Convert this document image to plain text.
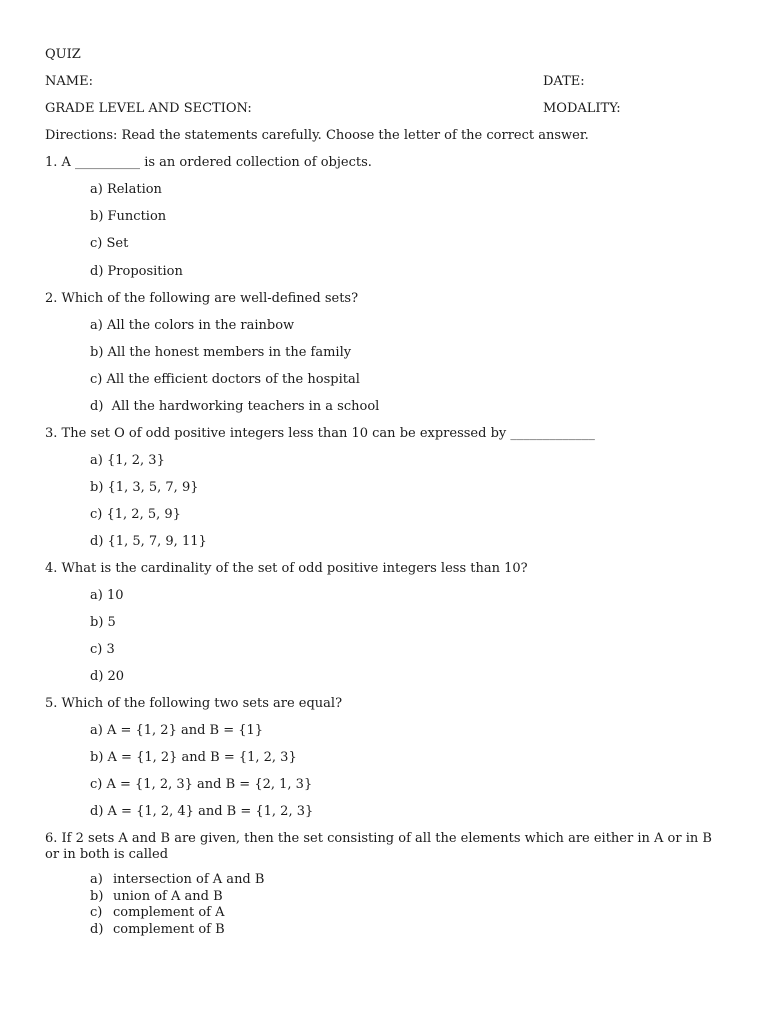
QUIZ
NAME:	DATE:
GRADE LEVEL AND SECTION:	MODALITY:
Directions: Read the statements carefully. Choose the letter of the correct answer.
1. A __________ is an ordered collection of objects.
a) Relation
b) Function
c) Set
d) Proposition
2. Which of the following are well-defined sets?
a) All the colors in the rainbow
b) All the honest members in the family
c) All the efficient doctors of the hospital
d)  All the hardworking teachers in a school
3. The set O of odd positive integers less than 10 can be expressed by _____________
a) {1, 2, 3}
b) {1, 3, 5, 7, 9}
c) {1, 2, 5, 9}
d) {1, 5, 7, 9, 11}
4. What is the cardinality of the set of odd positive integers less than 10?
a) 10
b) 5
c) 3
d) 20
5. Which of the following two sets are equal?
a) A = {1, 2} and B = {1}
b) A = {1, 2} and B = {1, 2, 3}
c) A = {1, 2, 3} and B = {2, 1, 3}
d) A = {1, 2, 4} and B = {1, 2, 3}
6. If 2 sets A and B are given, then the set consisting of all the elements which are either in A or in B or in both is called
a) intersection of A and B
b) union of A and B
c) complement of A
d) complement of B
